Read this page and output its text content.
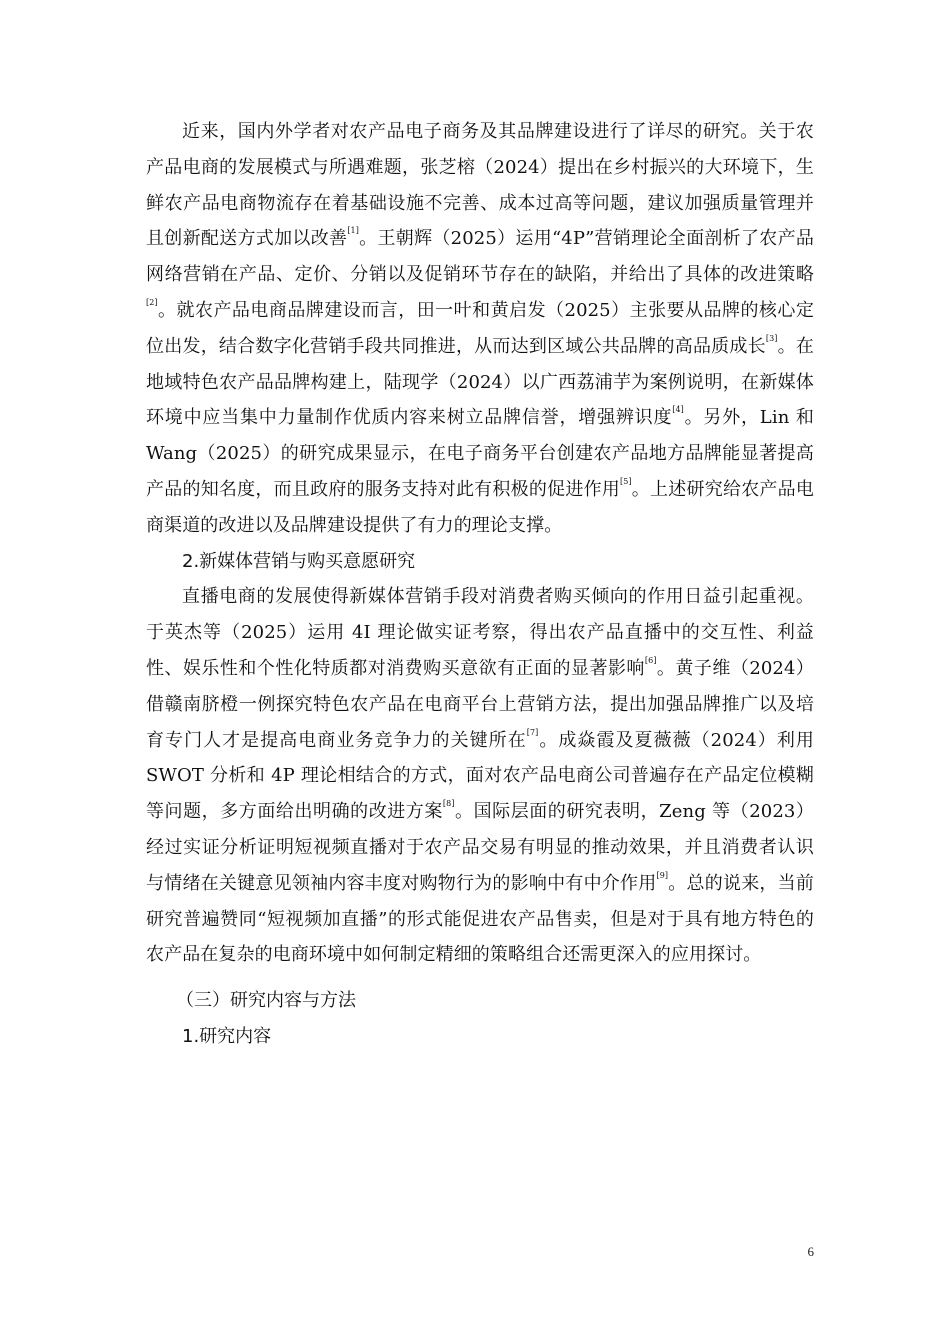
近来，国内外学者对农产品电子商务及其品牌建设进行了详尽的研究。关于农产品电商的发展模式与所遇难题，张芝榕（2024）提出在乡村振兴的大环境下，生鲜农产品电商物流存在着基础设施不完善、成本过高等问题，建议加强质量管理并且创新配送方式加以改善[1]。王朝辉（2025）运用“4P”营销理论全面剖析了农产品网络营销在产品、定价、分销以及促销环节存在的缺陷，并给出了具体的改进策略[2]。就农产品电商品牌建设而言，田一叶和黄启发（2025）主张要从品牌的核心定位出发，结合数字化营销手段共同推进，从而达到区域公共品牌的高品质成长[3]。在地域特色农产品品牌构建上，陆现学（2024）以广西荔浦芋为案例说明，在新媒体环境中应当集中力量制作优质内容来树立品牌信誉，增强辨识度[4]。另外，Lin 和 Wang（2025）的研究成果显示，在电子商务平台创建农产品地方品牌能显著提高产品的知名度，而且政府的服务支持对此有积极的促进作用[5]。上述研究给农产品电商渠道的改进以及品牌建设提供了有力的理论支撑。

2.新媒体营销与购买意愿研究

直播电商的发展使得新媒体营销手段对消费者购买倾向的作用日益引起重视。于英杰等（2025）运用 4I 理论做实证考察，得出农产品直播中的交互性、利益性、娱乐性和个性化特质都对消费购买意欲有正面的显著影响[6]。黄子维（2024）借赣南脐橙一例探究特色农产品在电商平台上营销方法，提出加强品牌推广以及培育专门人才是提高电商业务竞争力的关键所在[7]。成焱霞及夏薇薇（2024）利用 SWOT 分析和 4P 理论相结合的方式，面对农产品电商公司普遍存在产品定位模糊等问题，多方面给出明确的改进方案[8]。国际层面的研究表明，Zeng 等（2023）经过实证分析证明短视频直播对于农产品交易有明显的推动效果，并且消费者认识与情绪在关键意见领袖内容丰度对购物行为的影响中有中介作用[9]。总的说来，当前研究普遍赞同“短视频加直播”的形式能促进农产品售卖，但是对于具有地方特色的农产品在复杂的电商环境中如何制定精细的策略组合还需更深入的应用探讨。

（三）研究内容与方法
1.研究内容
6
